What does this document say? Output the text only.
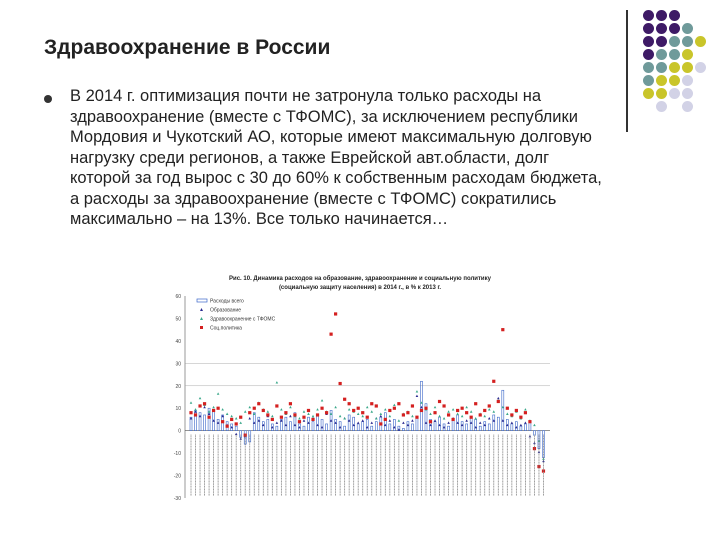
Здравоохранение в России
В 2014 г. оптимизация почти не затронула только расходы на здравоохранение (вместе с ТФОМС), за исключением республики Мордовия и Чукотский АО, которые имеют максимальную долговую нагрузку среди регионов, а также Еврейской авт.области, долг которой за год вырос с 30 до 60% к собственным расходам бюджета, а расходы за здравоохранение (вместе с ТФОМС) сократились максимально – на 13%. Все только начинается…
Рис. 10. Динамика расходов на образование, здравоохранение и социальную политику
(социальную защиту населения) в 2014 г., в % к 2013 г.
60
50
40
30
20
10
0
-10
-20
-30
Расходы всего
Образование
Здравоохранение с ТФОМС
Соц.политика
